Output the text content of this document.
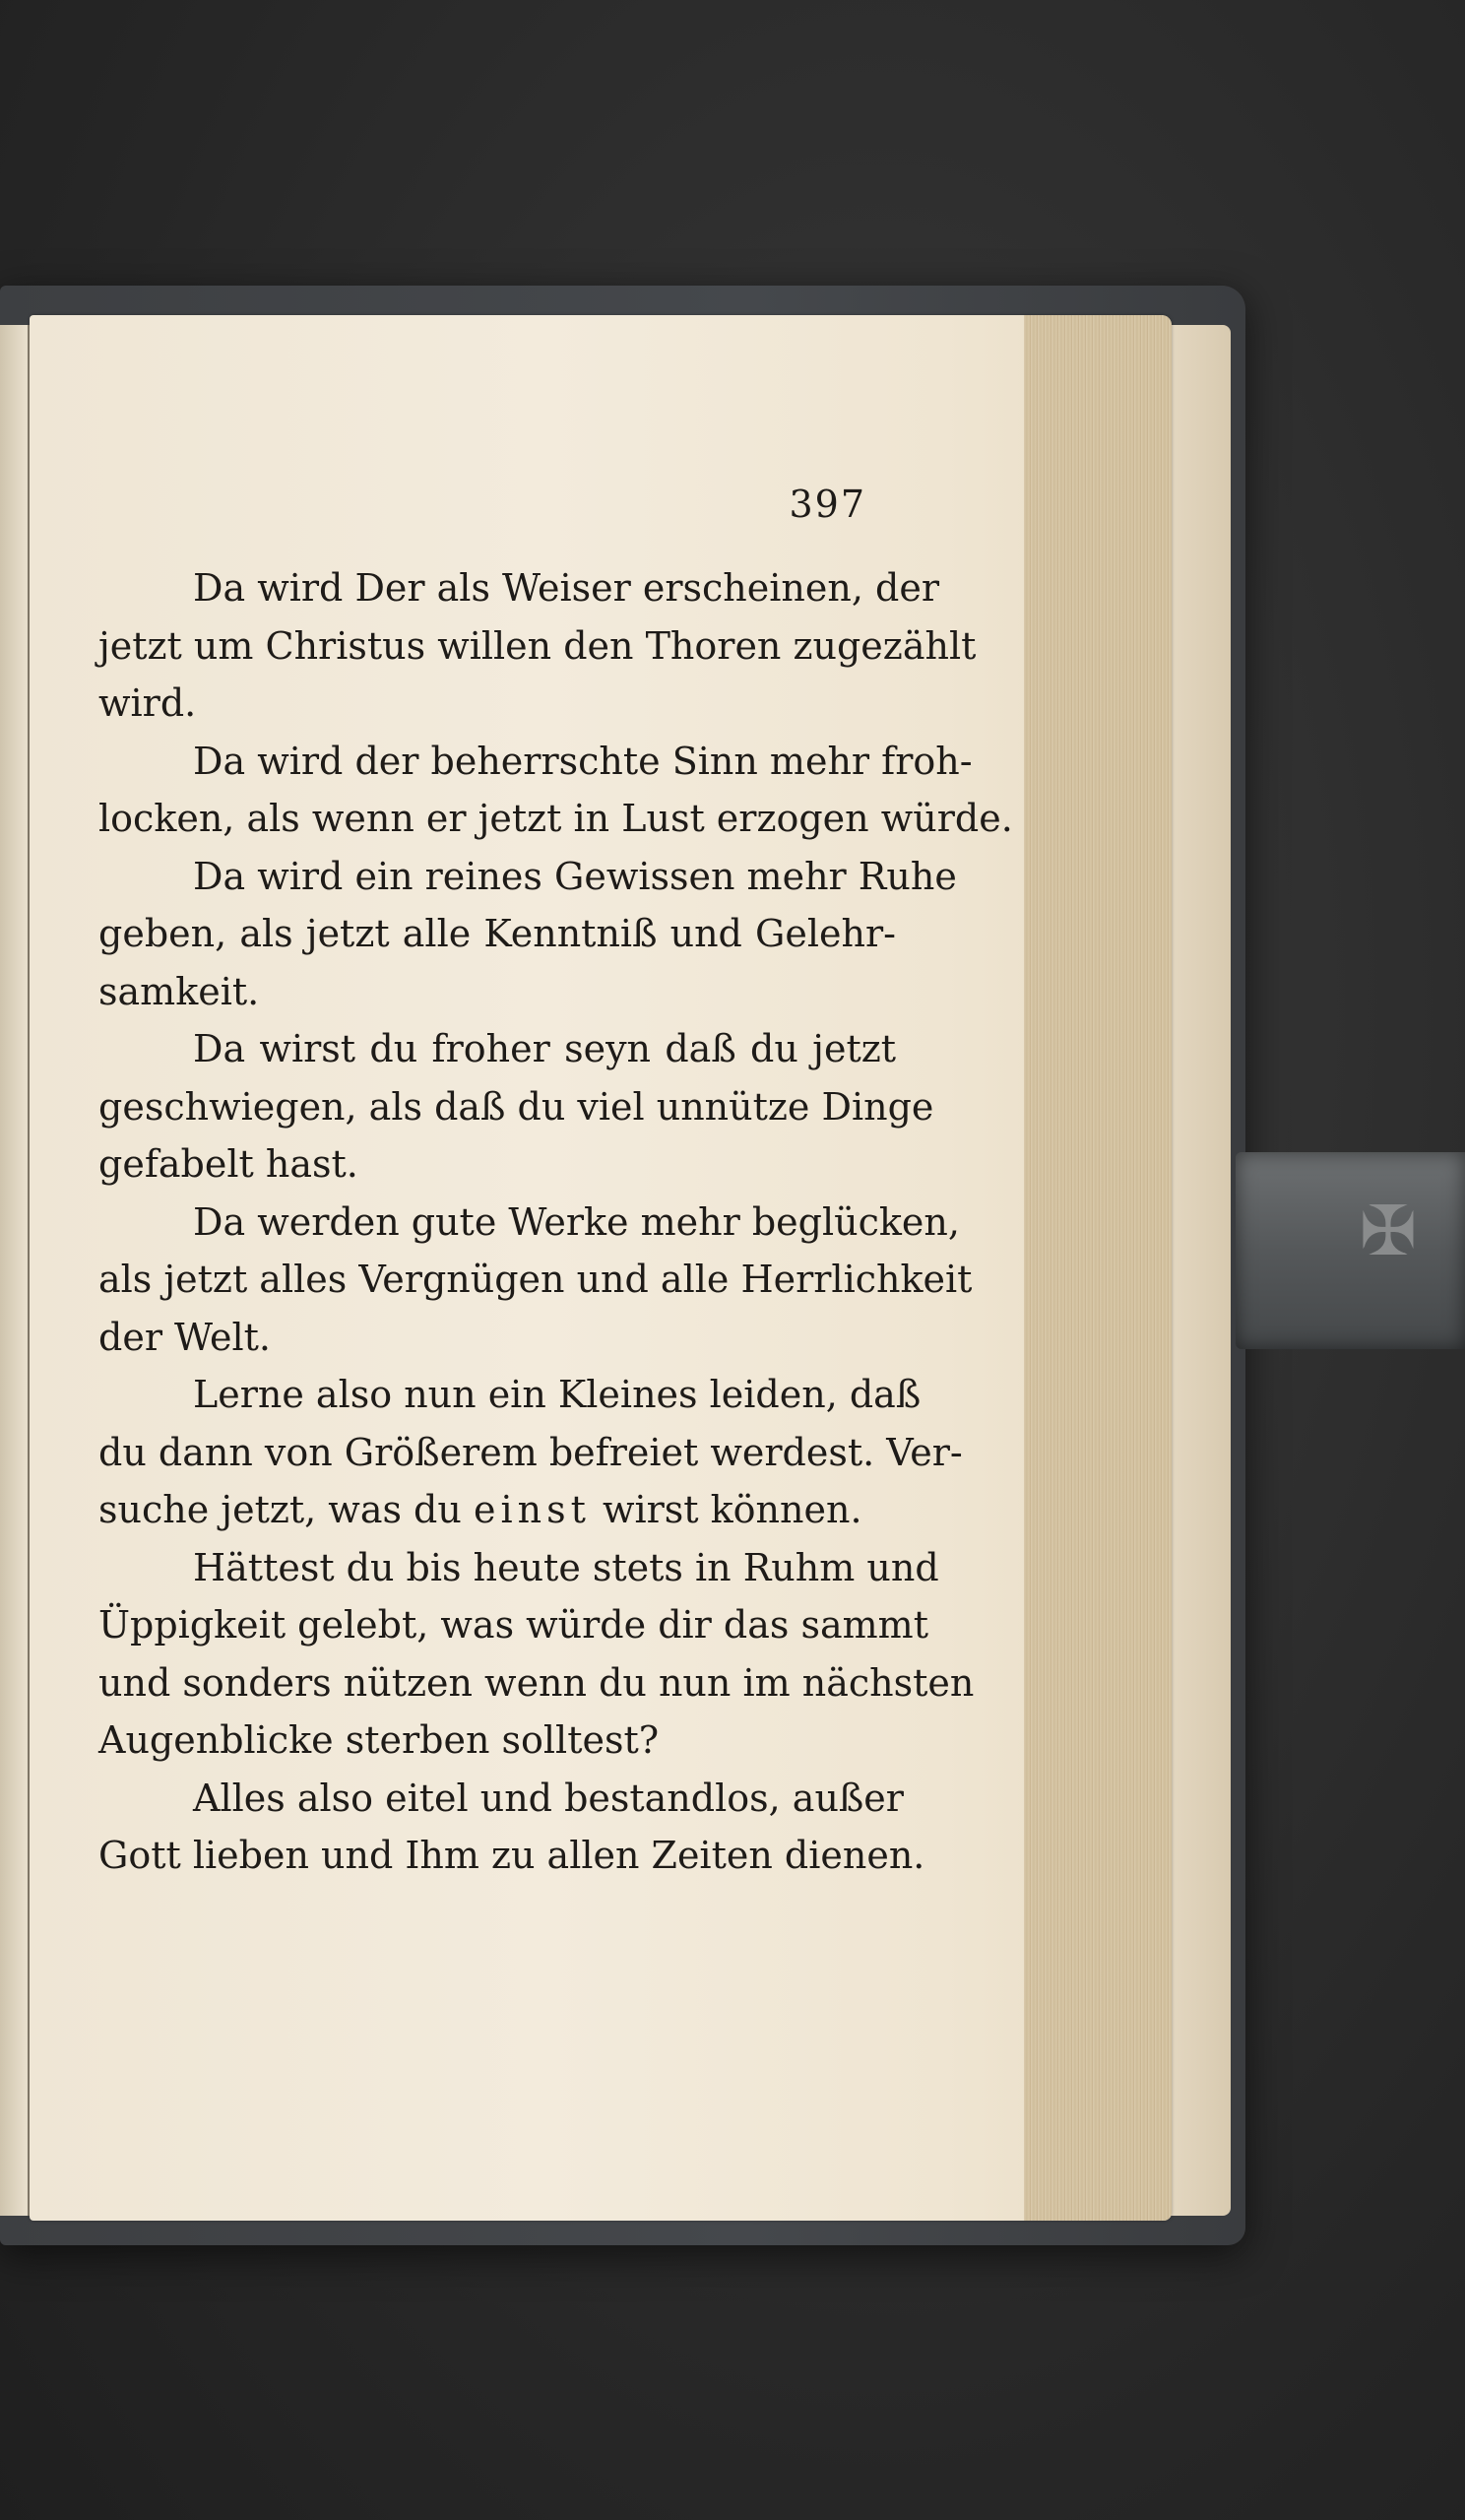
✠
397
Da wird Der als Weiser erscheinen, der
jetzt um Christus willen den Thoren zugezählt
wird.
Da wird der beherrschte Sinn mehr froh-
locken, als wenn er jetzt in Lust erzogen würde.
Da wird ein reines Gewissen mehr Ruhe
geben, als jetzt alle Kenntniß und Gelehr-
samkeit.
Da wirst du froher seyn daß du jetzt
geschwiegen, als daß du viel unnütze Dinge
gefabelt hast.
Da werden gute Werke mehr beglücken,
als jetzt alles Vergnügen und alle Herrlichkeit
der Welt.
Lerne also nun ein Kleines leiden, daß
du dann von Größerem befreiet werdest. Ver-
suche jetzt, was du einst wirst können.
Hättest du bis heute stets in Ruhm und
Üppigkeit gelebt, was würde dir das sammt
und sonders nützen wenn du nun im nächsten
Augenblicke sterben solltest?
Alles also eitel und bestandlos, außer
Gott lieben und Ihm zu allen Zeiten dienen.
